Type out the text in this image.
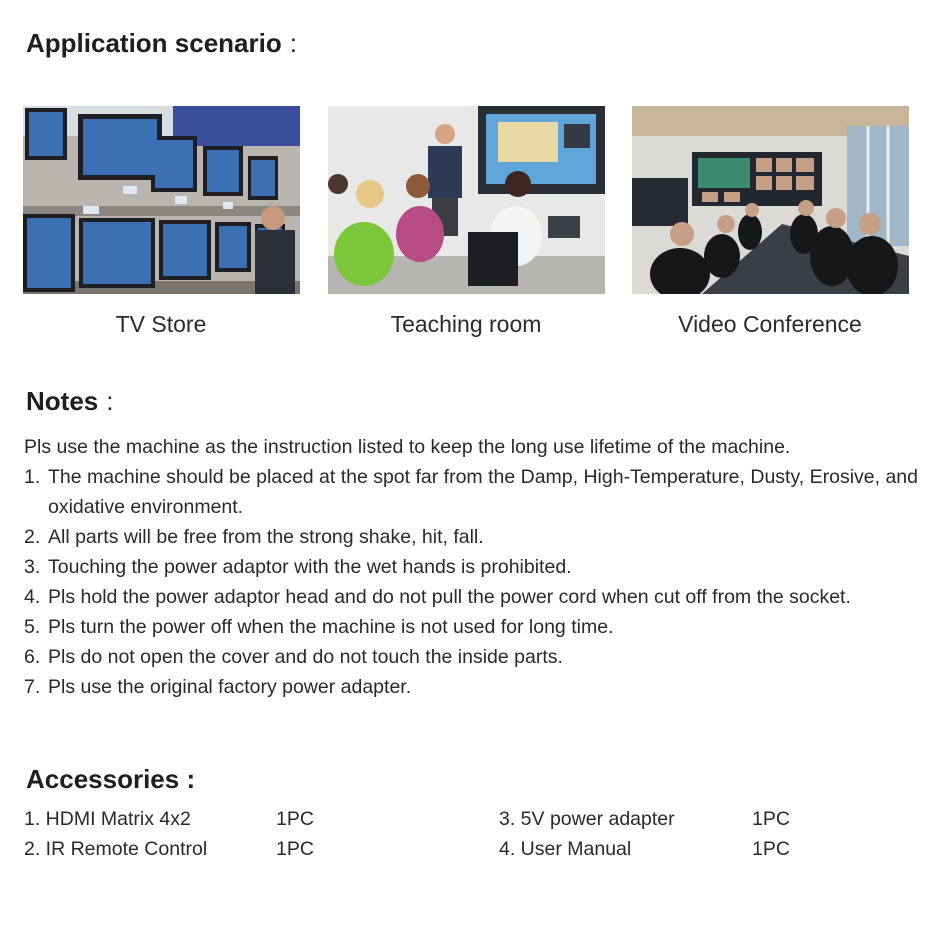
Application scenario :
TV Store	Teaching room	Video Conference
Notes :

Pls use the machine as the instruction listed to keep the long use lifetime of the machine.

1. The machine should be placed at the spot far from the Damp, High-Temperature, Dusty, Erosive, and oxidative environment.
2. All parts will be free from the strong shake, hit, fall.
3. Touching the power adaptor with the wet hands is prohibited.
4. Pls hold the power adaptor head and do not pull the power cord when cut off from the socket.
5. Pls turn the power off when the machine is not used for long time.
6. Pls do not open the cover and do not touch the inside parts.
7. Pls use the original factory power adapter.
Accessories :
1. HDMI Matrix 4x2	1PC
2. IR Remote Control	1PC
3. 5V power adapter	1PC
4. User Manual	1PC
